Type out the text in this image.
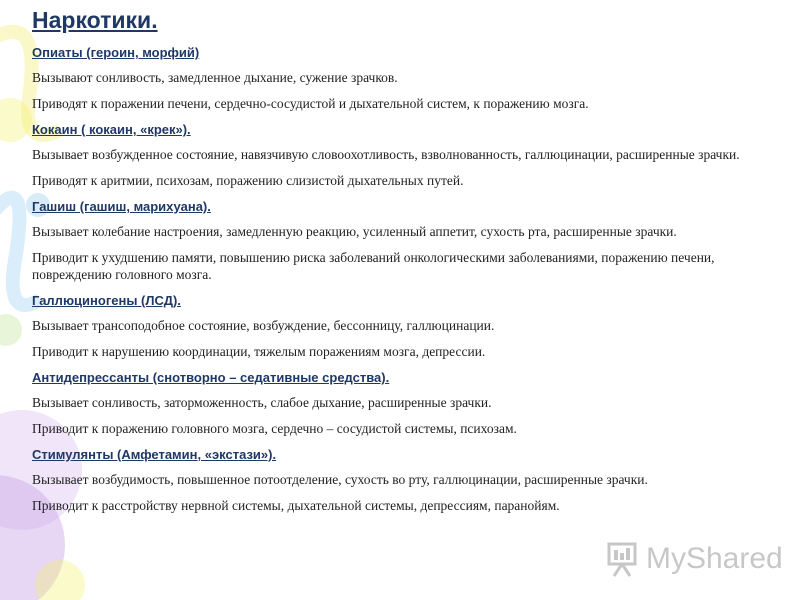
Наркотики.
Опиаты (героин, морфий)
Вызывают сонливость, замедленное дыхание, сужение зрачков.
Приводят к поражении печени, сердечно-сосудистой и дыхательной систем, к поражению мозга.
Кокаин ( кокаин, «крек»).
Вызывает возбужденное состояние, навязчивую словоохотливость, взволнованность, галлюцинации, расширенные зрачки.
Приводят к аритмии, психозам, поражению слизистой дыхательных путей.
Гашиш (гашиш, марихуана).
Вызывает колебание настроения, замедленную реакцию, усиленный аппетит, сухость рта, расширенные зрачки.
Приводит к ухудшению памяти, повышению риска заболеваний онкологическими заболеваниями, поражению печени, повреждению головного мозга.
Галлюциногены (ЛСД).
Вызывает трансоподобное состояние, возбуждение, бессонницу, галлюцинации.
Приводит к нарушению координации, тяжелым поражениям мозга, депрессии.
Антидепрессанты (снотворно – седативные средства).
Вызывает сонливость, заторможенность, слабое дыхание, расширенные зрачки.
Приводит к поражению головного мозга, сердечно – сосудистой системы, психозам.
Стимулянты (Амфетамин, «экстази»).
Вызывает возбудимость, повышенное потоотделение, сухость во рту, галлюцинации, расширенные зрачки.
Приводит к расстройству нервной системы, дыхательной системы, депрессиям, паранойям.
MyShared
